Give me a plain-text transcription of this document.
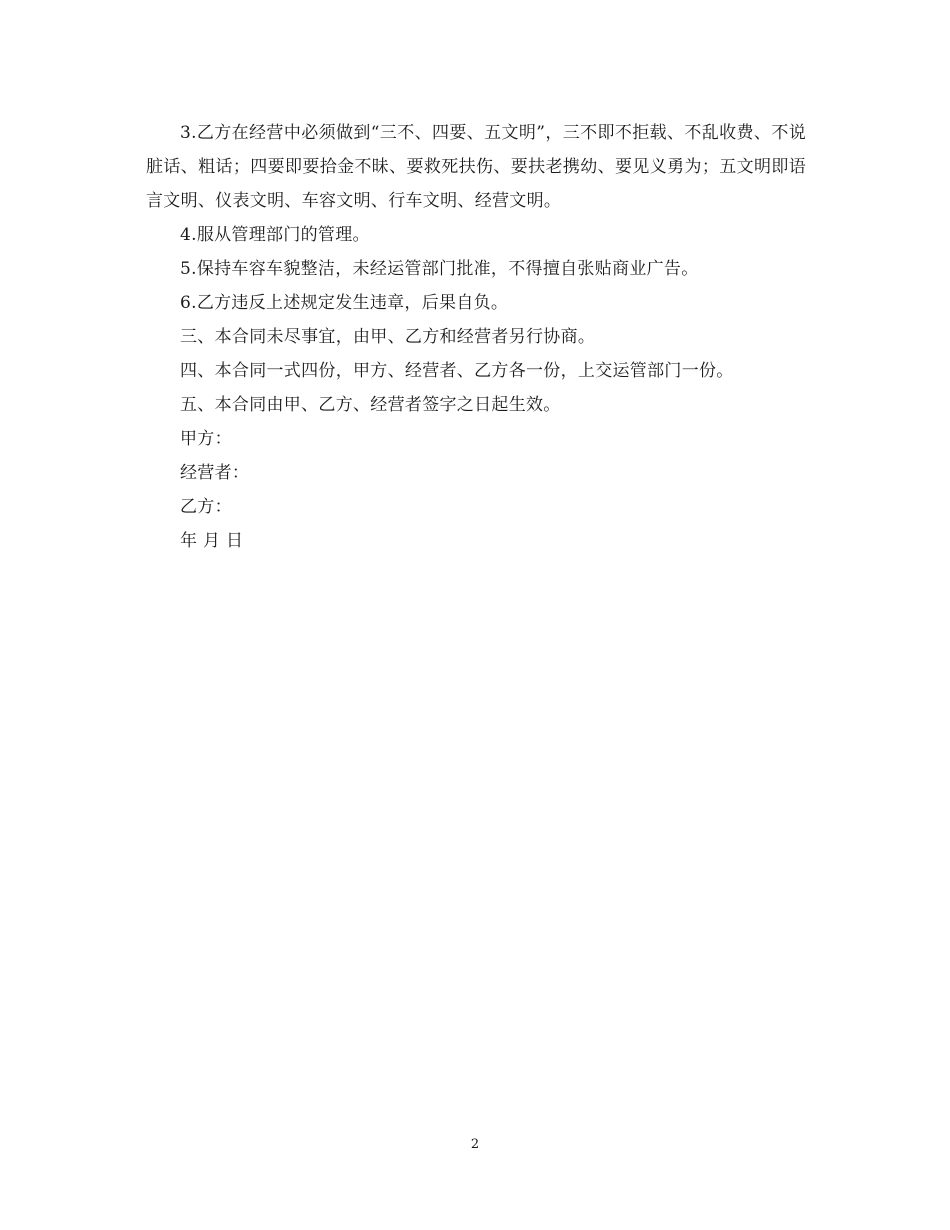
3.乙方在经营中必须做到“三不、四要、五文明”，三不即不拒载、不乱收费、不说脏话、粗话；四要即要拾金不昧、要救死扶伤、要扶老携幼、要见义勇为；五文明即语言文明、仪表文明、车容文明、行车文明、经营文明。

4.服从管理部门的管理。

5.保持车容车貌整洁，未经运管部门批准，不得擅自张贴商业广告。

6.乙方违反上述规定发生违章，后果自负。

三、本合同未尽事宜，由甲、乙方和经营者另行协商。

四、本合同一式四份，甲方、经营者、乙方各一份，上交运管部门一份。

五、本合同由甲、乙方、经营者签字之日起生效。

甲方：

经营者：

乙方：

年 月 日

2
